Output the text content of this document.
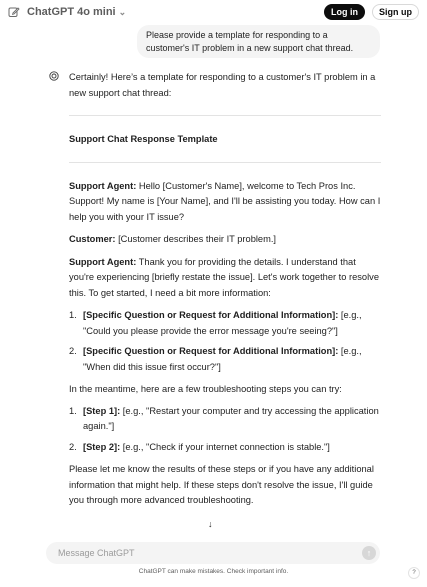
ChatGPT 4o mini ⌄	Log in	Sign up
Please provide a template for responding to a customer's IT problem in a new support chat thread.

Certainly! Here’s a template for responding to a customer's IT problem in a new support chat thread:

Support Chat Response Template

Support Agent: Hello [Customer's Name], welcome to Tech Pros Inc. Support! My name is [Your Name], and I'll be assisting you today. How can I help you with your IT issue?

Customer: [Customer describes their IT problem.]

Support Agent: Thank you for providing the details. I understand that you're experiencing [briefly restate the issue]. Let's work together to resolve this. To get started, I need a bit more information:

1. [Specific Question or Request for Additional Information]: [e.g., "Could you please provide the error message you're seeing?"]
2. [Specific Question or Request for Additional Information]: [e.g., "When did this issue first occur?"]

In the meantime, here are a few troubleshooting steps you can try:

1. [Step 1]: [e.g., "Restart your computer and try accessing the application again."]
2. [Step 2]: [e.g., "Check if your internet connection is stable."]

Please let me know the results of these steps or if you have any additional information that might help. If these steps don't resolve the issue, I'll guide you through more advanced troubleshooting.

↓
Message ChatGPT
↑
ChatGPT can make mistakes. Check important info.	?
